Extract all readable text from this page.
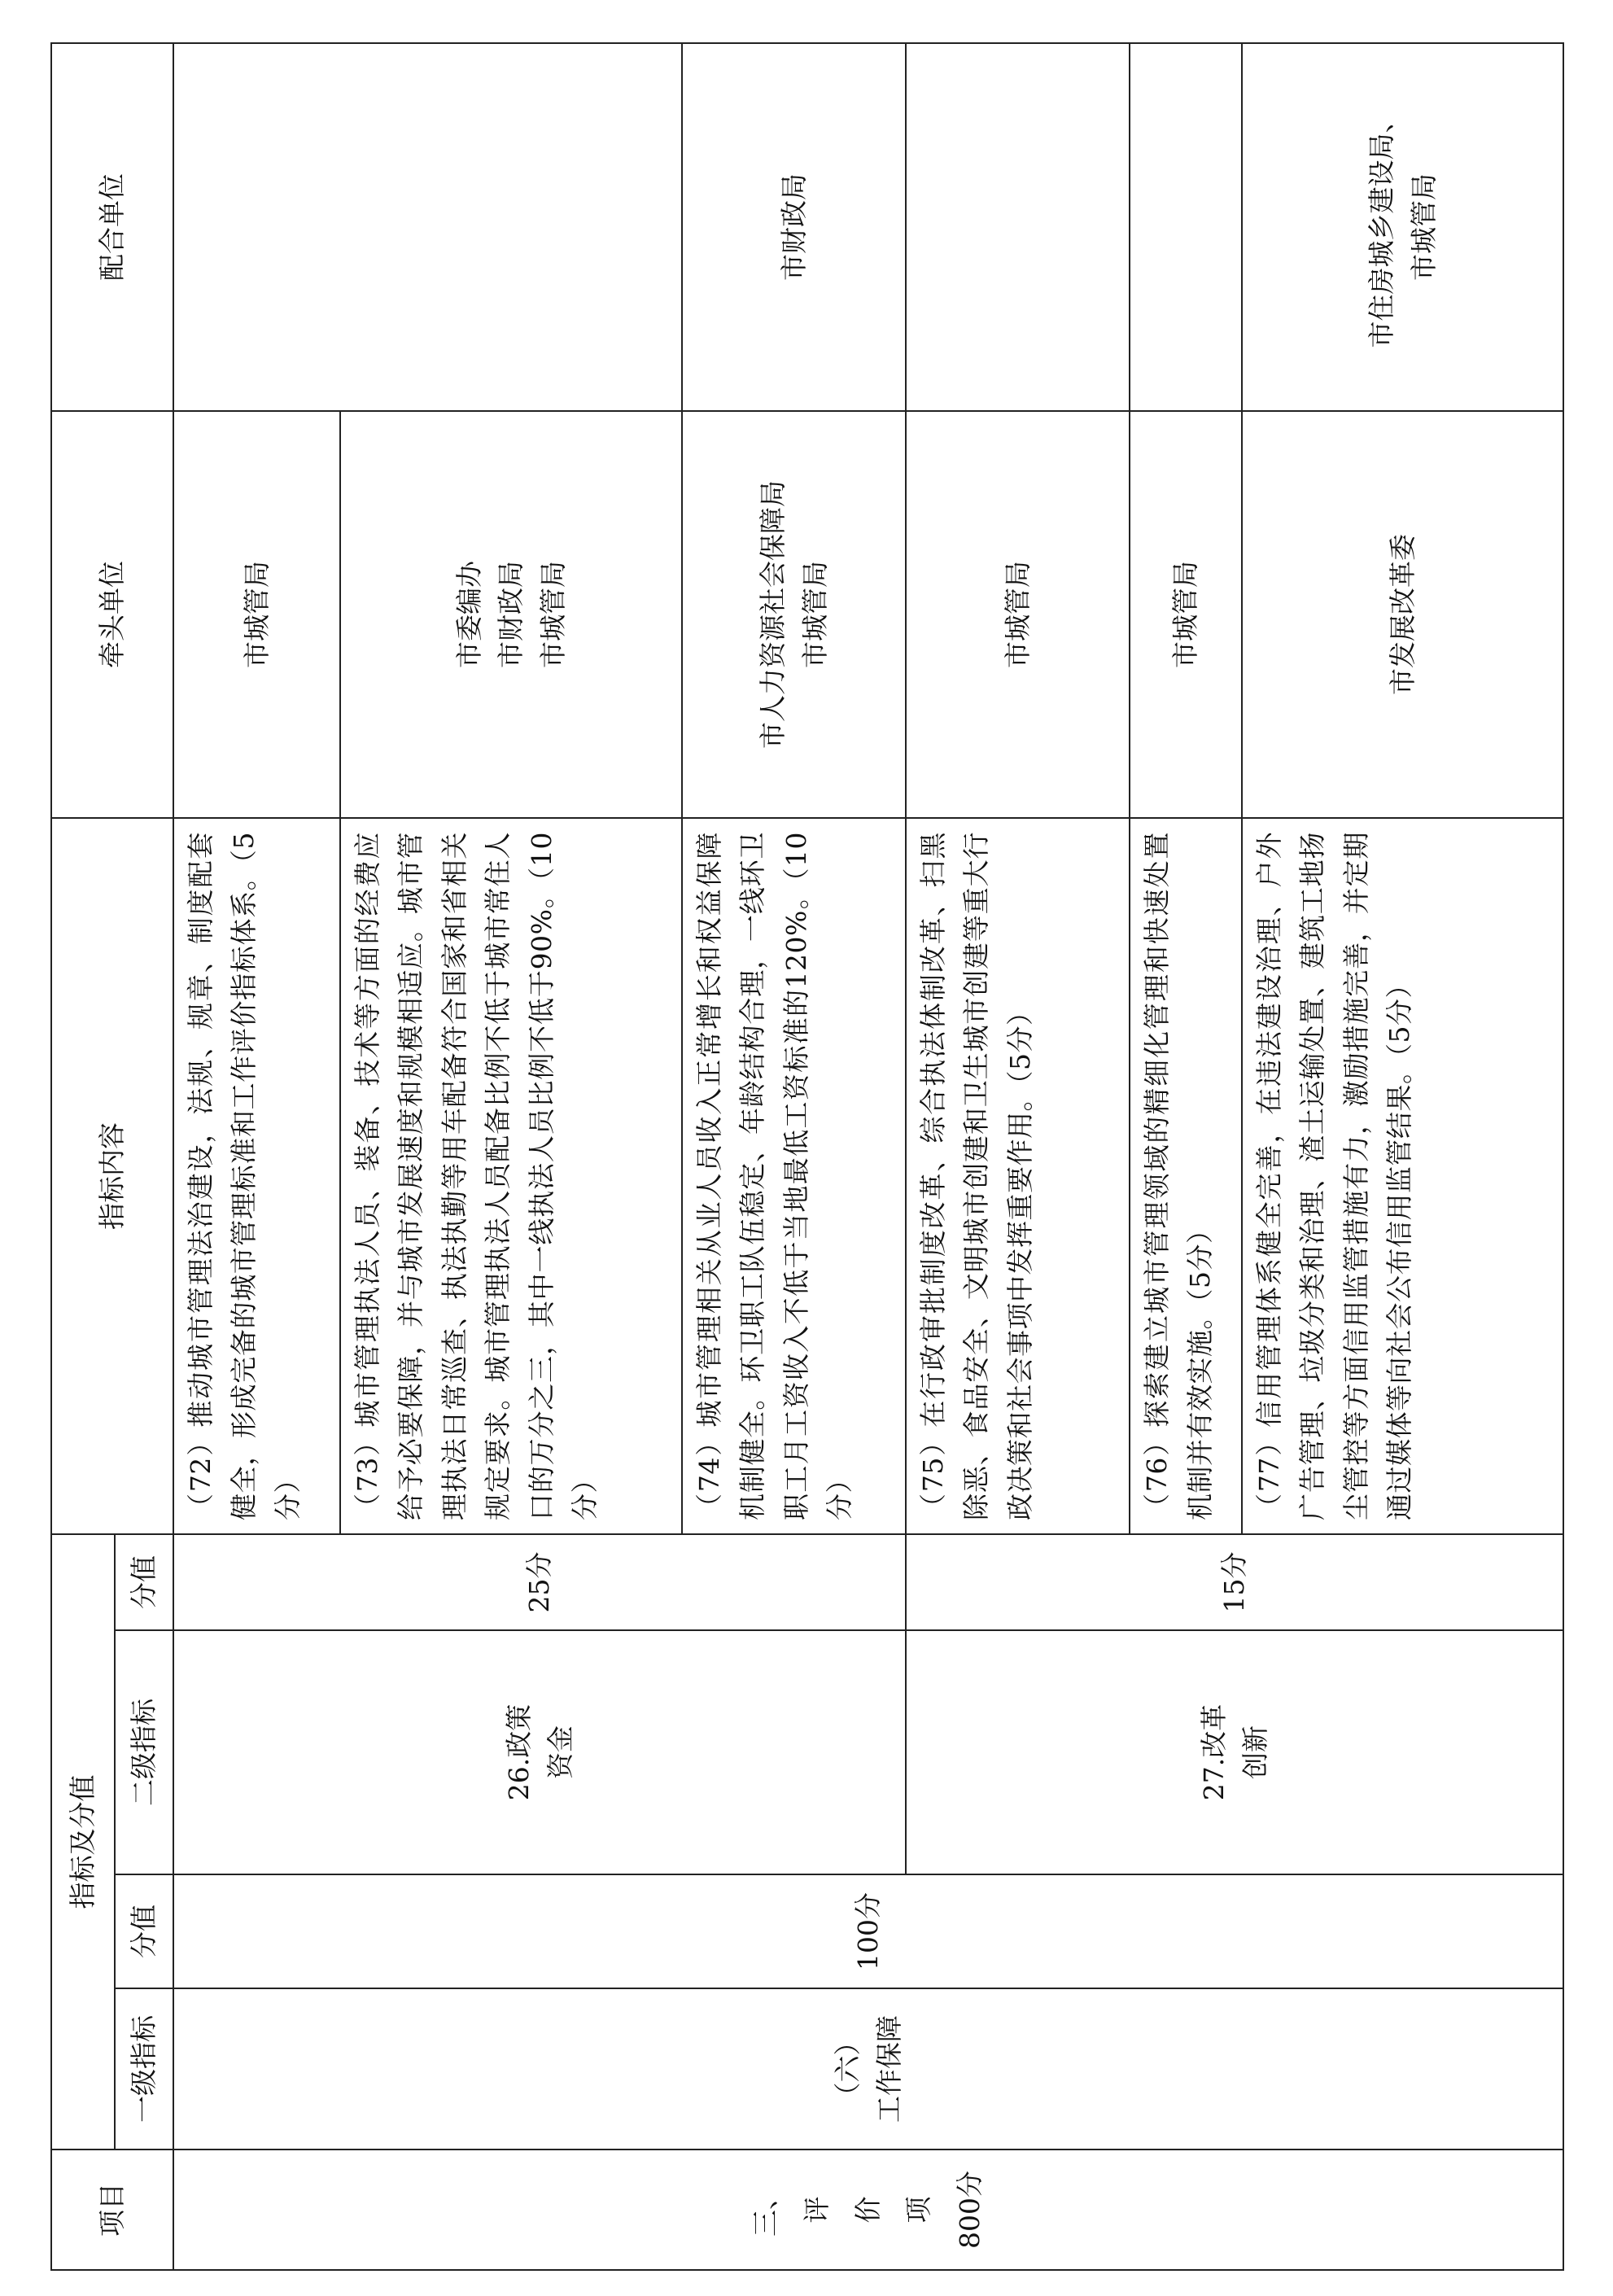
项目	指标及分值				指标内容	牵头单位	配合单位
	一级指标	分值	二级指标	分值			

三、 评 价 项 800分	（六） 工作保障	100分	26.政策 资金	25分	（72）推动城市管理法治建设，法规、规章、制度配套健全，形成完备的城市管理标准和工作评价指标体系。（5分）	市城管局	

					（73）城市管理执法人员、装备、技术等方面的经费应给予必要保障，并与城市发展速度和规模相适应。城市管理执法日常巡查、执法执勤等用车配备符合国家和省相关规定要求。城市管理执法人员配备比例不低于城市常住人口的万分之三，其中一线执法人员比例不低于90%。（10分）	市委编办 市财政局 市城管局	

					（74）城市管理相关从业人员收入正常增长和权益保障机制健全。环卫职工队伍稳定、年龄结构合理，一线环卫职工月工资收入不低于当地最低工资标准的120%。（10分）	市人力资源社会保障局 市城管局	市财政局

			27.改革 创新	15分	（75）在行政审批制度改革、综合执法体制改革、扫黑除恶、食品安全、文明城市创建和卫生城市创建等重大行政决策和社会事项中发挥重要作用。（5分）	市城管局	

					（76）探索建立城市管理领域的精细化管理和快速处置机制并有效实施。（5分）	市城管局	

					（77）信用管理体系健全完善，在违法建设治理、户外广告管理、垃圾分类和治理、渣土运输处置、建筑工地扬尘管控等方面信用监管措施有力，激励措施完善，并定期通过媒体等向社会公布信用监管结果。（5分）	市发展改革委	市住房城乡建设局、 市城管局
